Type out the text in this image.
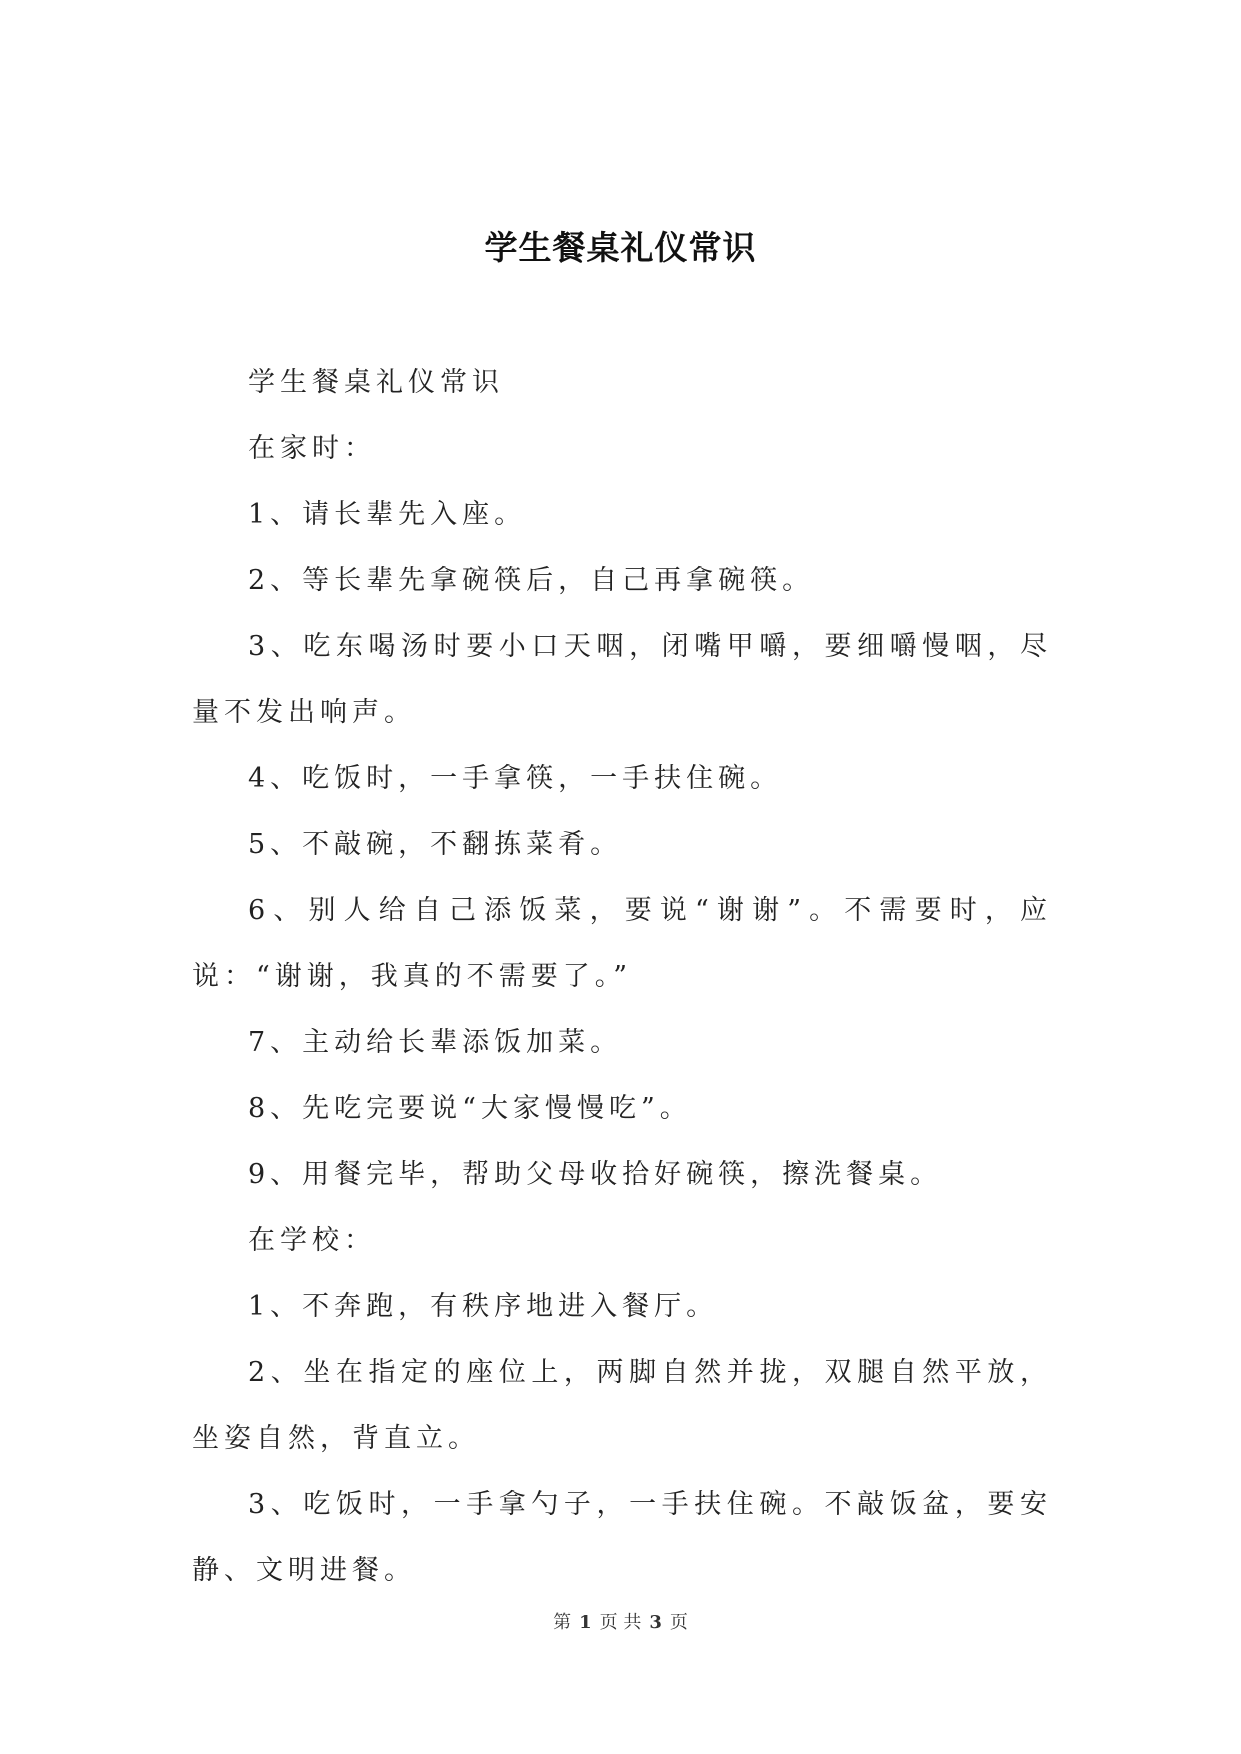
学生餐桌礼仪常识

学生餐桌礼仪常识

在家时：

1、请长辈先入座。

2、等长辈先拿碗筷后，自己再拿碗筷。

3、吃东喝汤时要小口天咽，闭嘴甲嚼，要细嚼慢咽，尽量不发出响声。

4、吃饭时，一手拿筷，一手扶住碗。

5、不敲碗，不翻拣菜肴。

6、别人给自己添饭菜，要说“谢谢”。不需要时，应说：“谢谢，我真的不需要了。”

7、主动给长辈添饭加菜。

8、先吃完要说“大家慢慢吃”。

9、用餐完毕，帮助父母收拾好碗筷，擦洗餐桌。

在学校：

1、不奔跑，有秩序地进入餐厅。

2、坐在指定的座位上，两脚自然并拢，双腿自然平放，坐姿自然，背直立。

3、吃饭时，一手拿勺子，一手扶住碗。不敲饭盆，要安静、文明进餐。

第 1 页 共 3 页
